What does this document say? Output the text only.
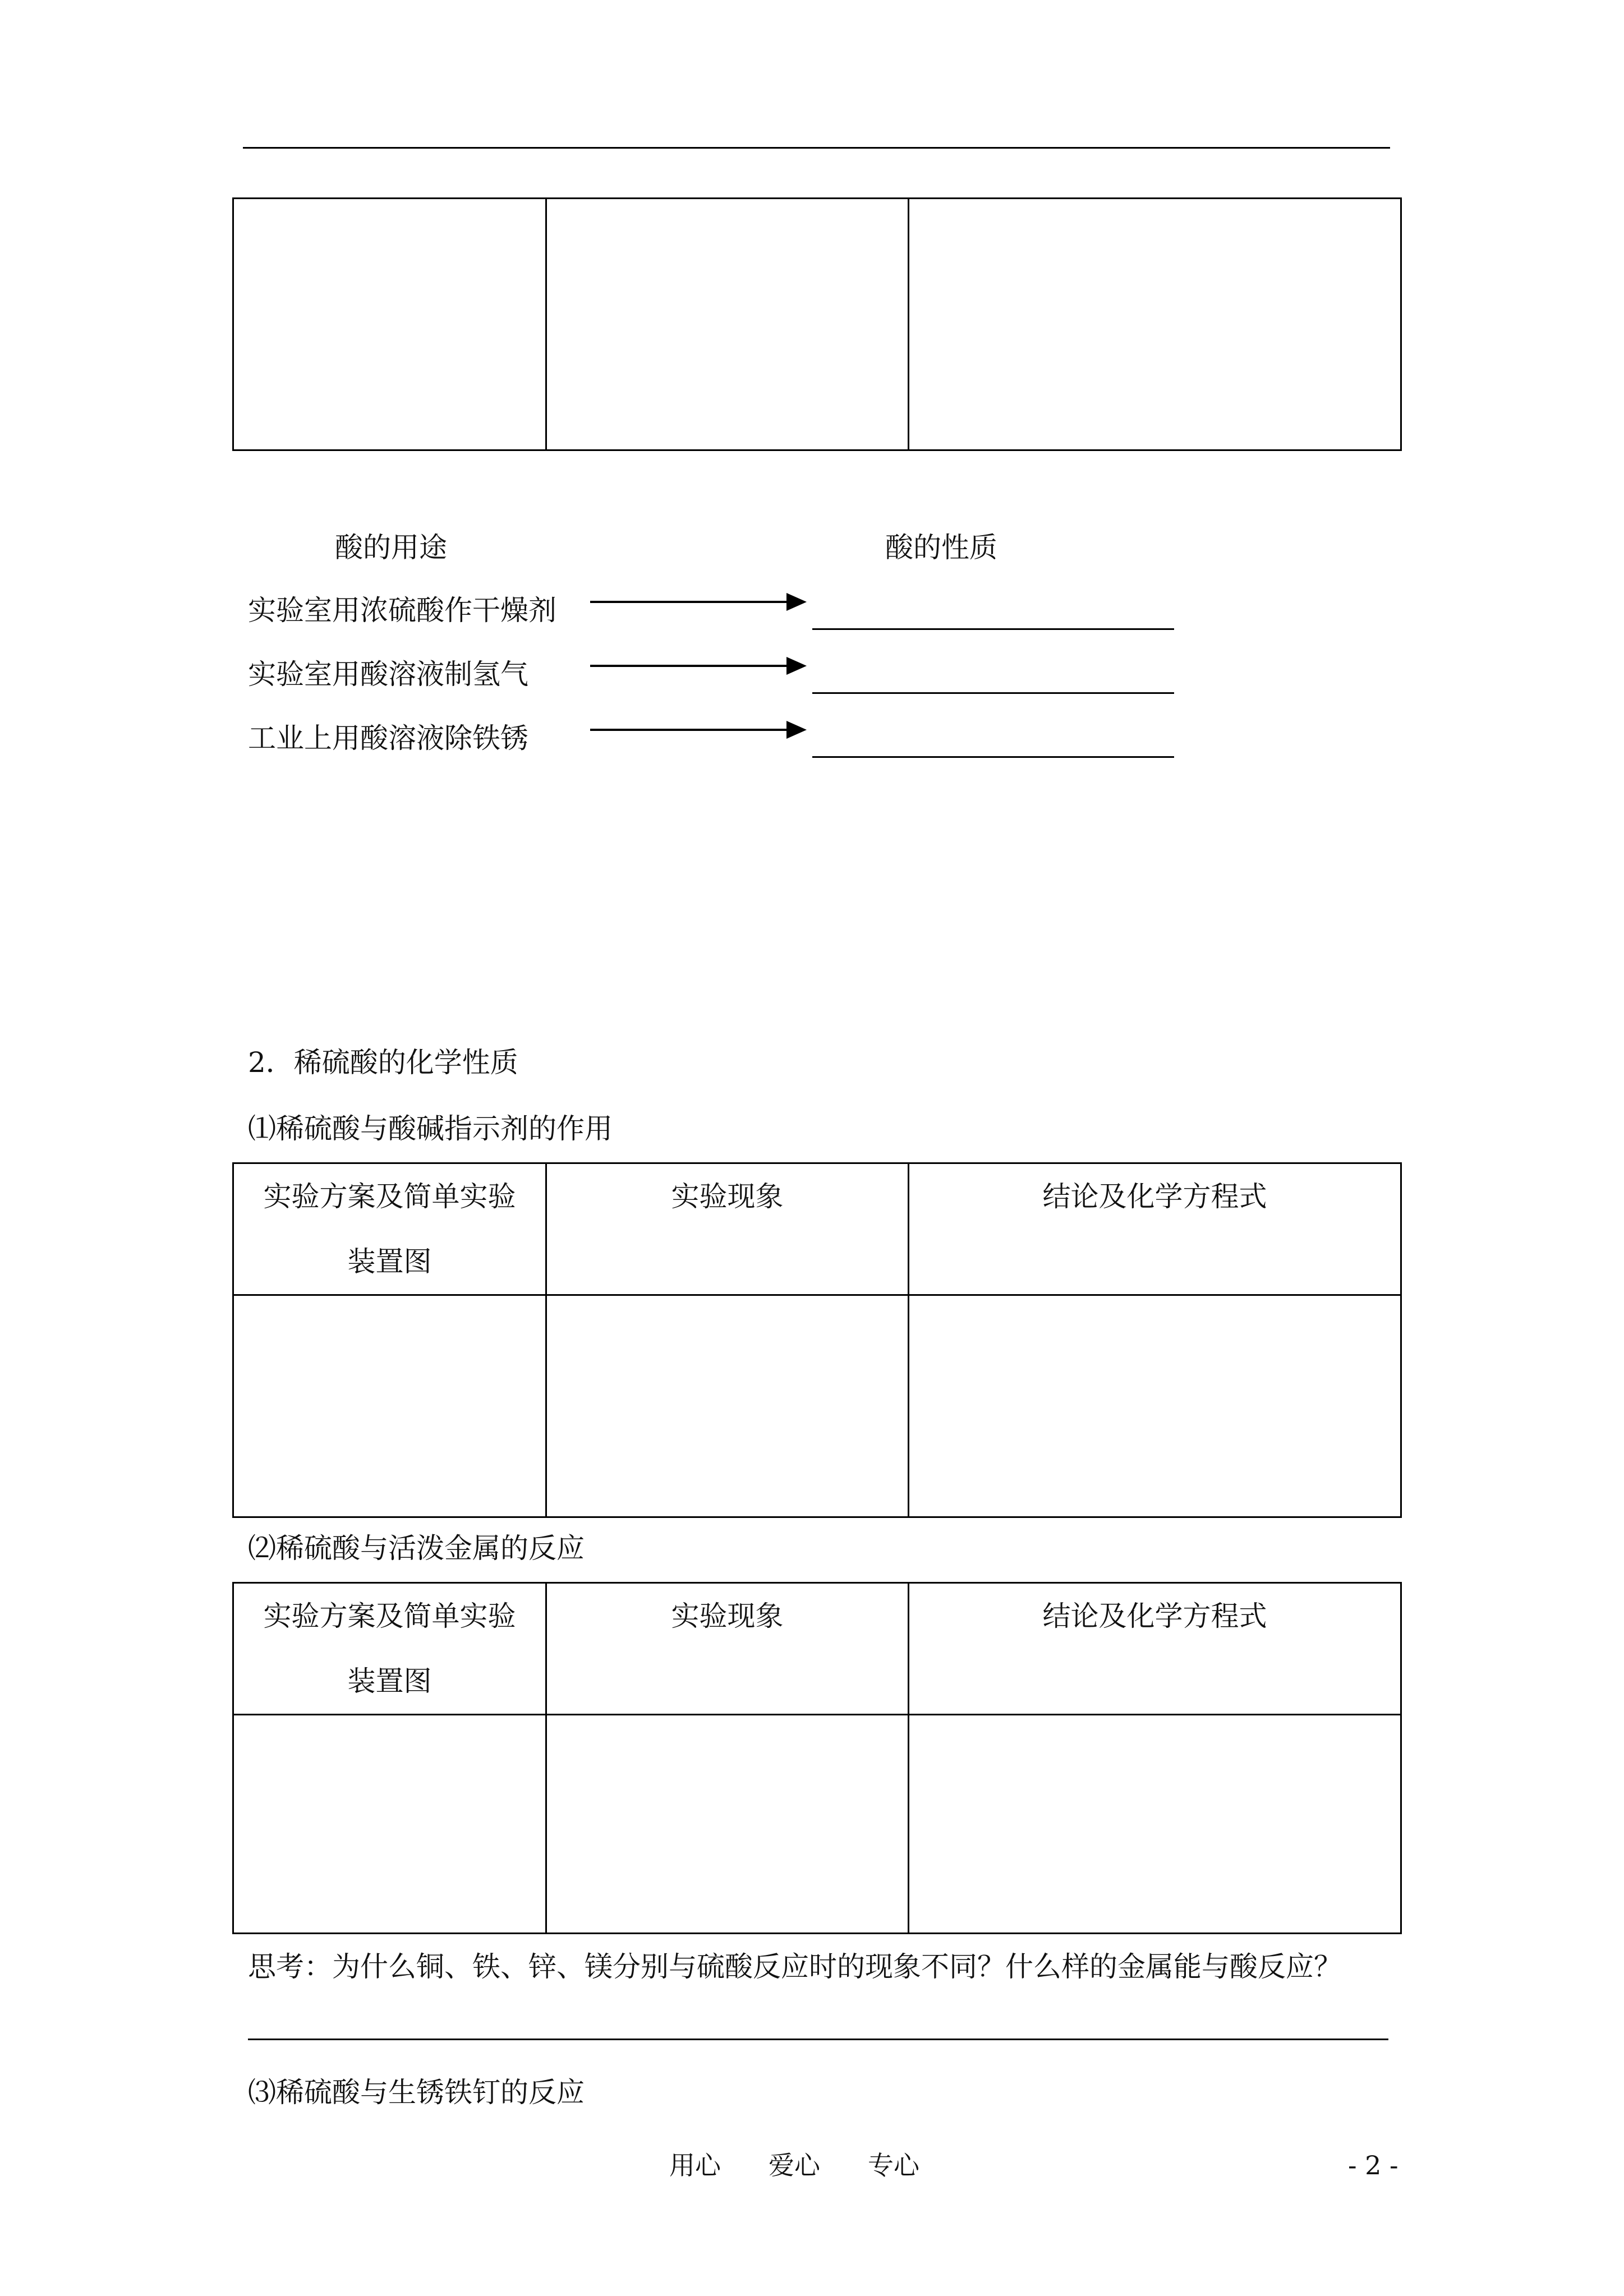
酸的用途	酸的性质
实验室用浓硫酸作干燥剂
实验室用酸溶液制氢气
工业上用酸溶液除铁锈
2．稀硫酸的化学性质
⑴稀硫酸与酸碱指示剂的作用
实验方案及简单实验
装置图	实验现象	结论及化学方程式

⑵稀硫酸与活泼金属的反应
实验方案及简单实验
装置图	实验现象	结论及化学方程式

思考：为什么铜、铁、锌、镁分别与硫酸反应时的现象不同？什么样的金属能与酸反应？
⑶稀硫酸与生锈铁钉的反应
用心 爱心 专心	- 2 -
